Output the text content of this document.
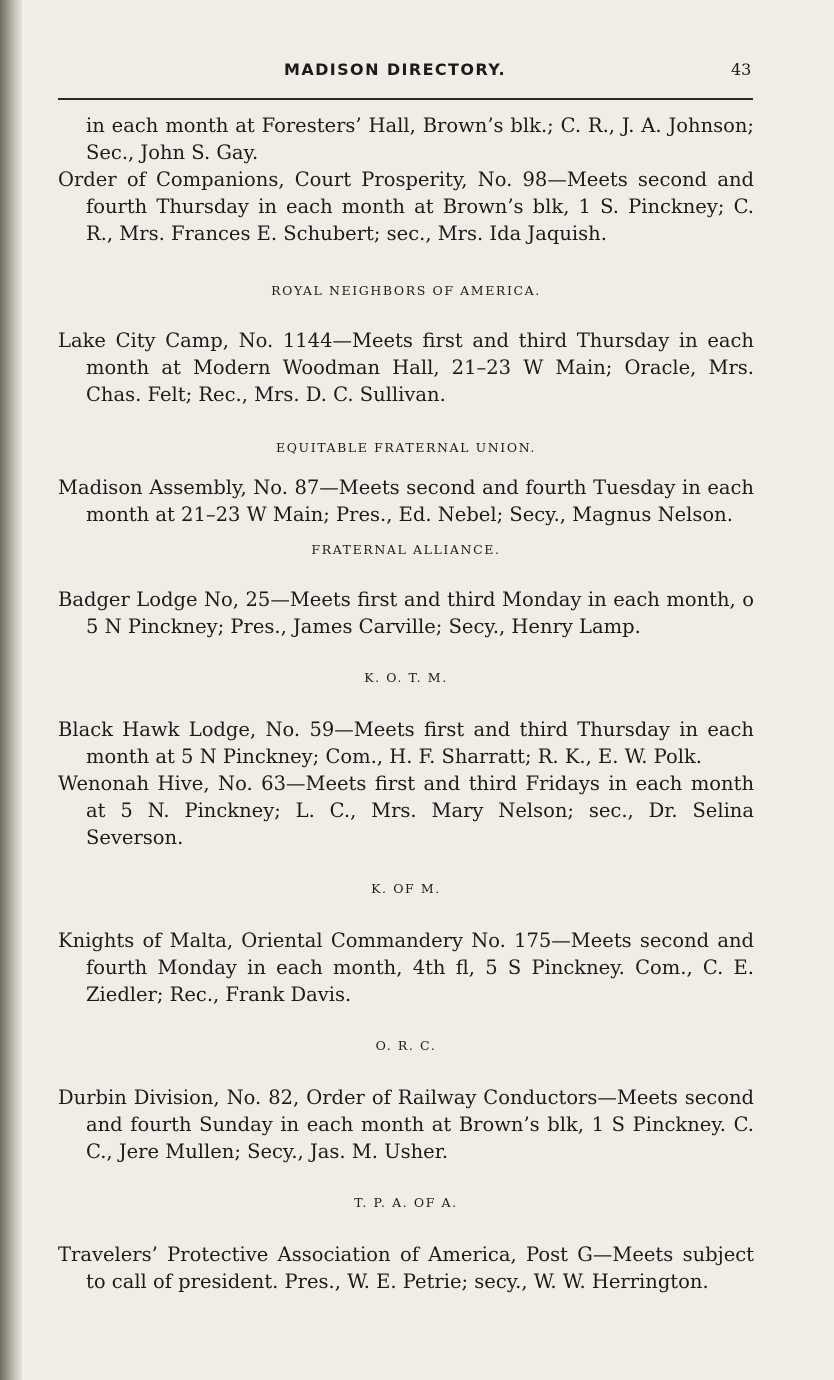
MADISON DIRECTORY.	43

in each month at Foresters’ Hall, Brown’s blk.; C. R., J. A. Johnson; Sec., John S. Gay.

Order of Companions, Court Prosperity, No. 98—Meets second and fourth Thursday in each month at Brown’s blk, 1 S. Pinckney; C. R., Mrs. Frances E. Schubert; sec., Mrs. Ida Jaquish.

ROYAL NEIGHBORS OF AMERICA.

Lake City Camp, No. 1144—Meets first and third Thursday in each month at Modern Woodman Hall, 21–23 W Main; Oracle, Mrs. Chas. Felt; Rec., Mrs. D. C. Sullivan.

EQUITABLE FRATERNAL UNION.

Madison Assembly, No. 87—Meets second and fourth Tuesday in each month at 21–23 W Main; Pres., Ed. Nebel; Secy., Magnus Nelson.

FRATERNAL ALLIANCE.

Badger Lodge No, 25—Meets first and third Monday in each month, o 5 N Pinckney; Pres., James Carville; Secy., Henry Lamp.

K. O. T. M.

Black Hawk Lodge, No. 59—Meets first and third Thursday in each month at 5 N Pinckney; Com., H. F. Sharratt; R. K., E. W. Polk.

Wenonah Hive, No. 63—Meets first and third Fridays in each month at 5 N. Pinckney; L. C., Mrs. Mary Nelson; sec., Dr. Selina Severson.

K. OF M.

Knights of Malta, Oriental Commandery No. 175—Meets second and fourth Monday in each month, 4th fl, 5 S Pinckney. Com., C. E. Ziedler; Rec., Frank Davis.

O. R. C.

Durbin Division, No. 82, Order of Railway Conductors—Meets second and fourth Sunday in each month at Brown’s blk, 1 S Pinckney. C. C., Jere Mullen; Secy., Jas. M. Usher.

T. P. A. OF A.

Travelers’ Protective Association of America, Post G—Meets subject to call of president. Pres., W. E. Petrie; secy., W. W. Herrington.
